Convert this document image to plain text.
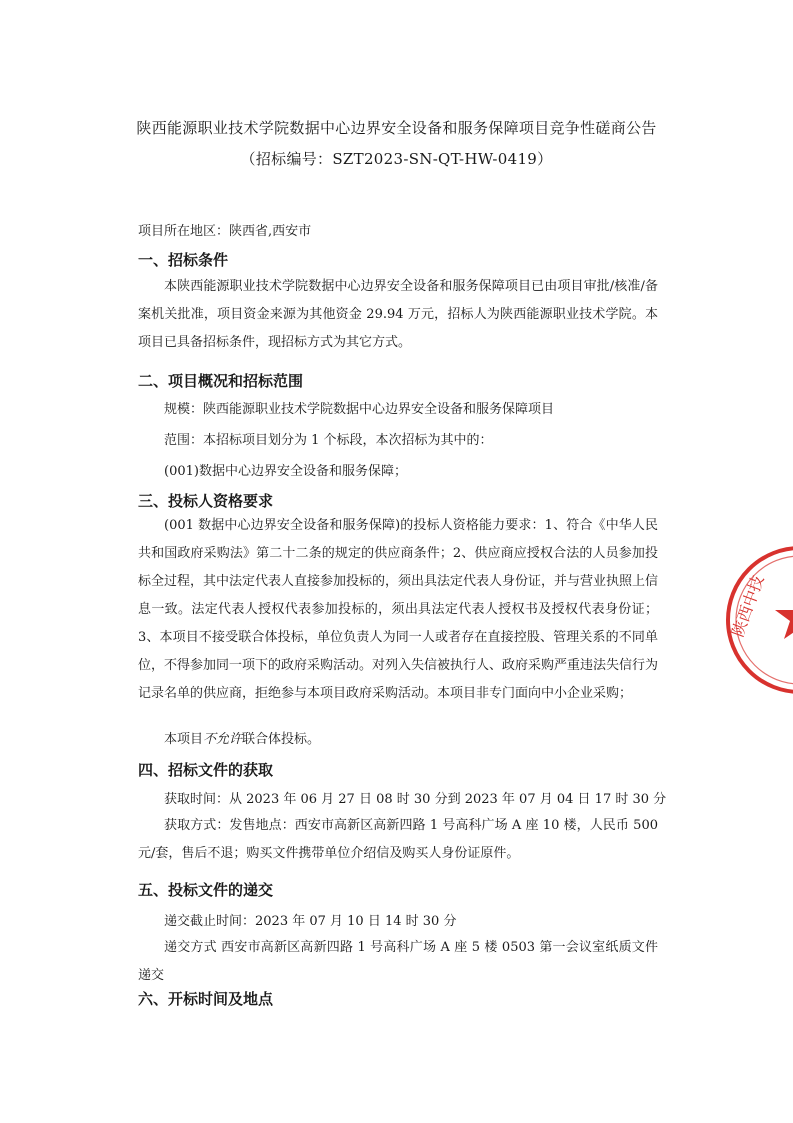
陕西能源职业技术学院数据中心边界安全设备和服务保障项目竞争性磋商公告
（招标编号：SZT2023-SN-QT-HW-0419）
项目所在地区：陕西省,西安市
一、招标条件
本陕西能源职业技术学院数据中心边界安全设备和服务保障项目已由项目审批/核准/备案机关批准，项目资金来源为其他资金 29.94 万元，招标人为陕西能源职业技术学院。本项目已具备招标条件，现招标方式为其它方式。
二、项目概况和招标范围
规模：陕西能源职业技术学院数据中心边界安全设备和服务保障项目
范围：本招标项目划分为 1 个标段，本次招标为其中的：
(001)数据中心边界安全设备和服务保障；
三、投标人资格要求
(001 数据中心边界安全设备和服务保障)的投标人资格能力要求：1、符合《中华人民共和国政府采购法》第二十二条的规定的供应商条件；2、供应商应授权合法的人员参加投标全过程，其中法定代表人直接参加投标的，须出具法定代表人身份证，并与营业执照上信息一致。法定代表人授权代表参加投标的，须出具法定代表人授权书及授权代表身份证；3、本项目不接受联合体投标，单位负责人为同一人或者存在直接控股、管理关系的不同单位，不得参加同一项下的政府采购活动。对列入失信被执行人、政府采购严重违法失信行为记录名单的供应商，拒绝参与本项目政府采购活动。本项目非专门面向中小企业采购；
本项目不允许联合体投标。
四、招标文件的获取
获取时间：从 2023 年 06 月 27 日 08 时 30 分到 2023 年 07 月 04 日 17 时 30 分
获取方式：发售地点：西安市高新区高新四路 1 号高科广场 A 座 10 楼，人民币 500元/套，售后不退；购买文件携带单位介绍信及购买人身份证原件。
五、投标文件的递交
递交截止时间：2023 年 07 月 10 日 14 时 30 分
递交方式 西安市高新区高新四路 1 号高科广场 A 座 5 楼 0503 第一会议室纸质文件递交
六、开标时间及地点
陕西中技
